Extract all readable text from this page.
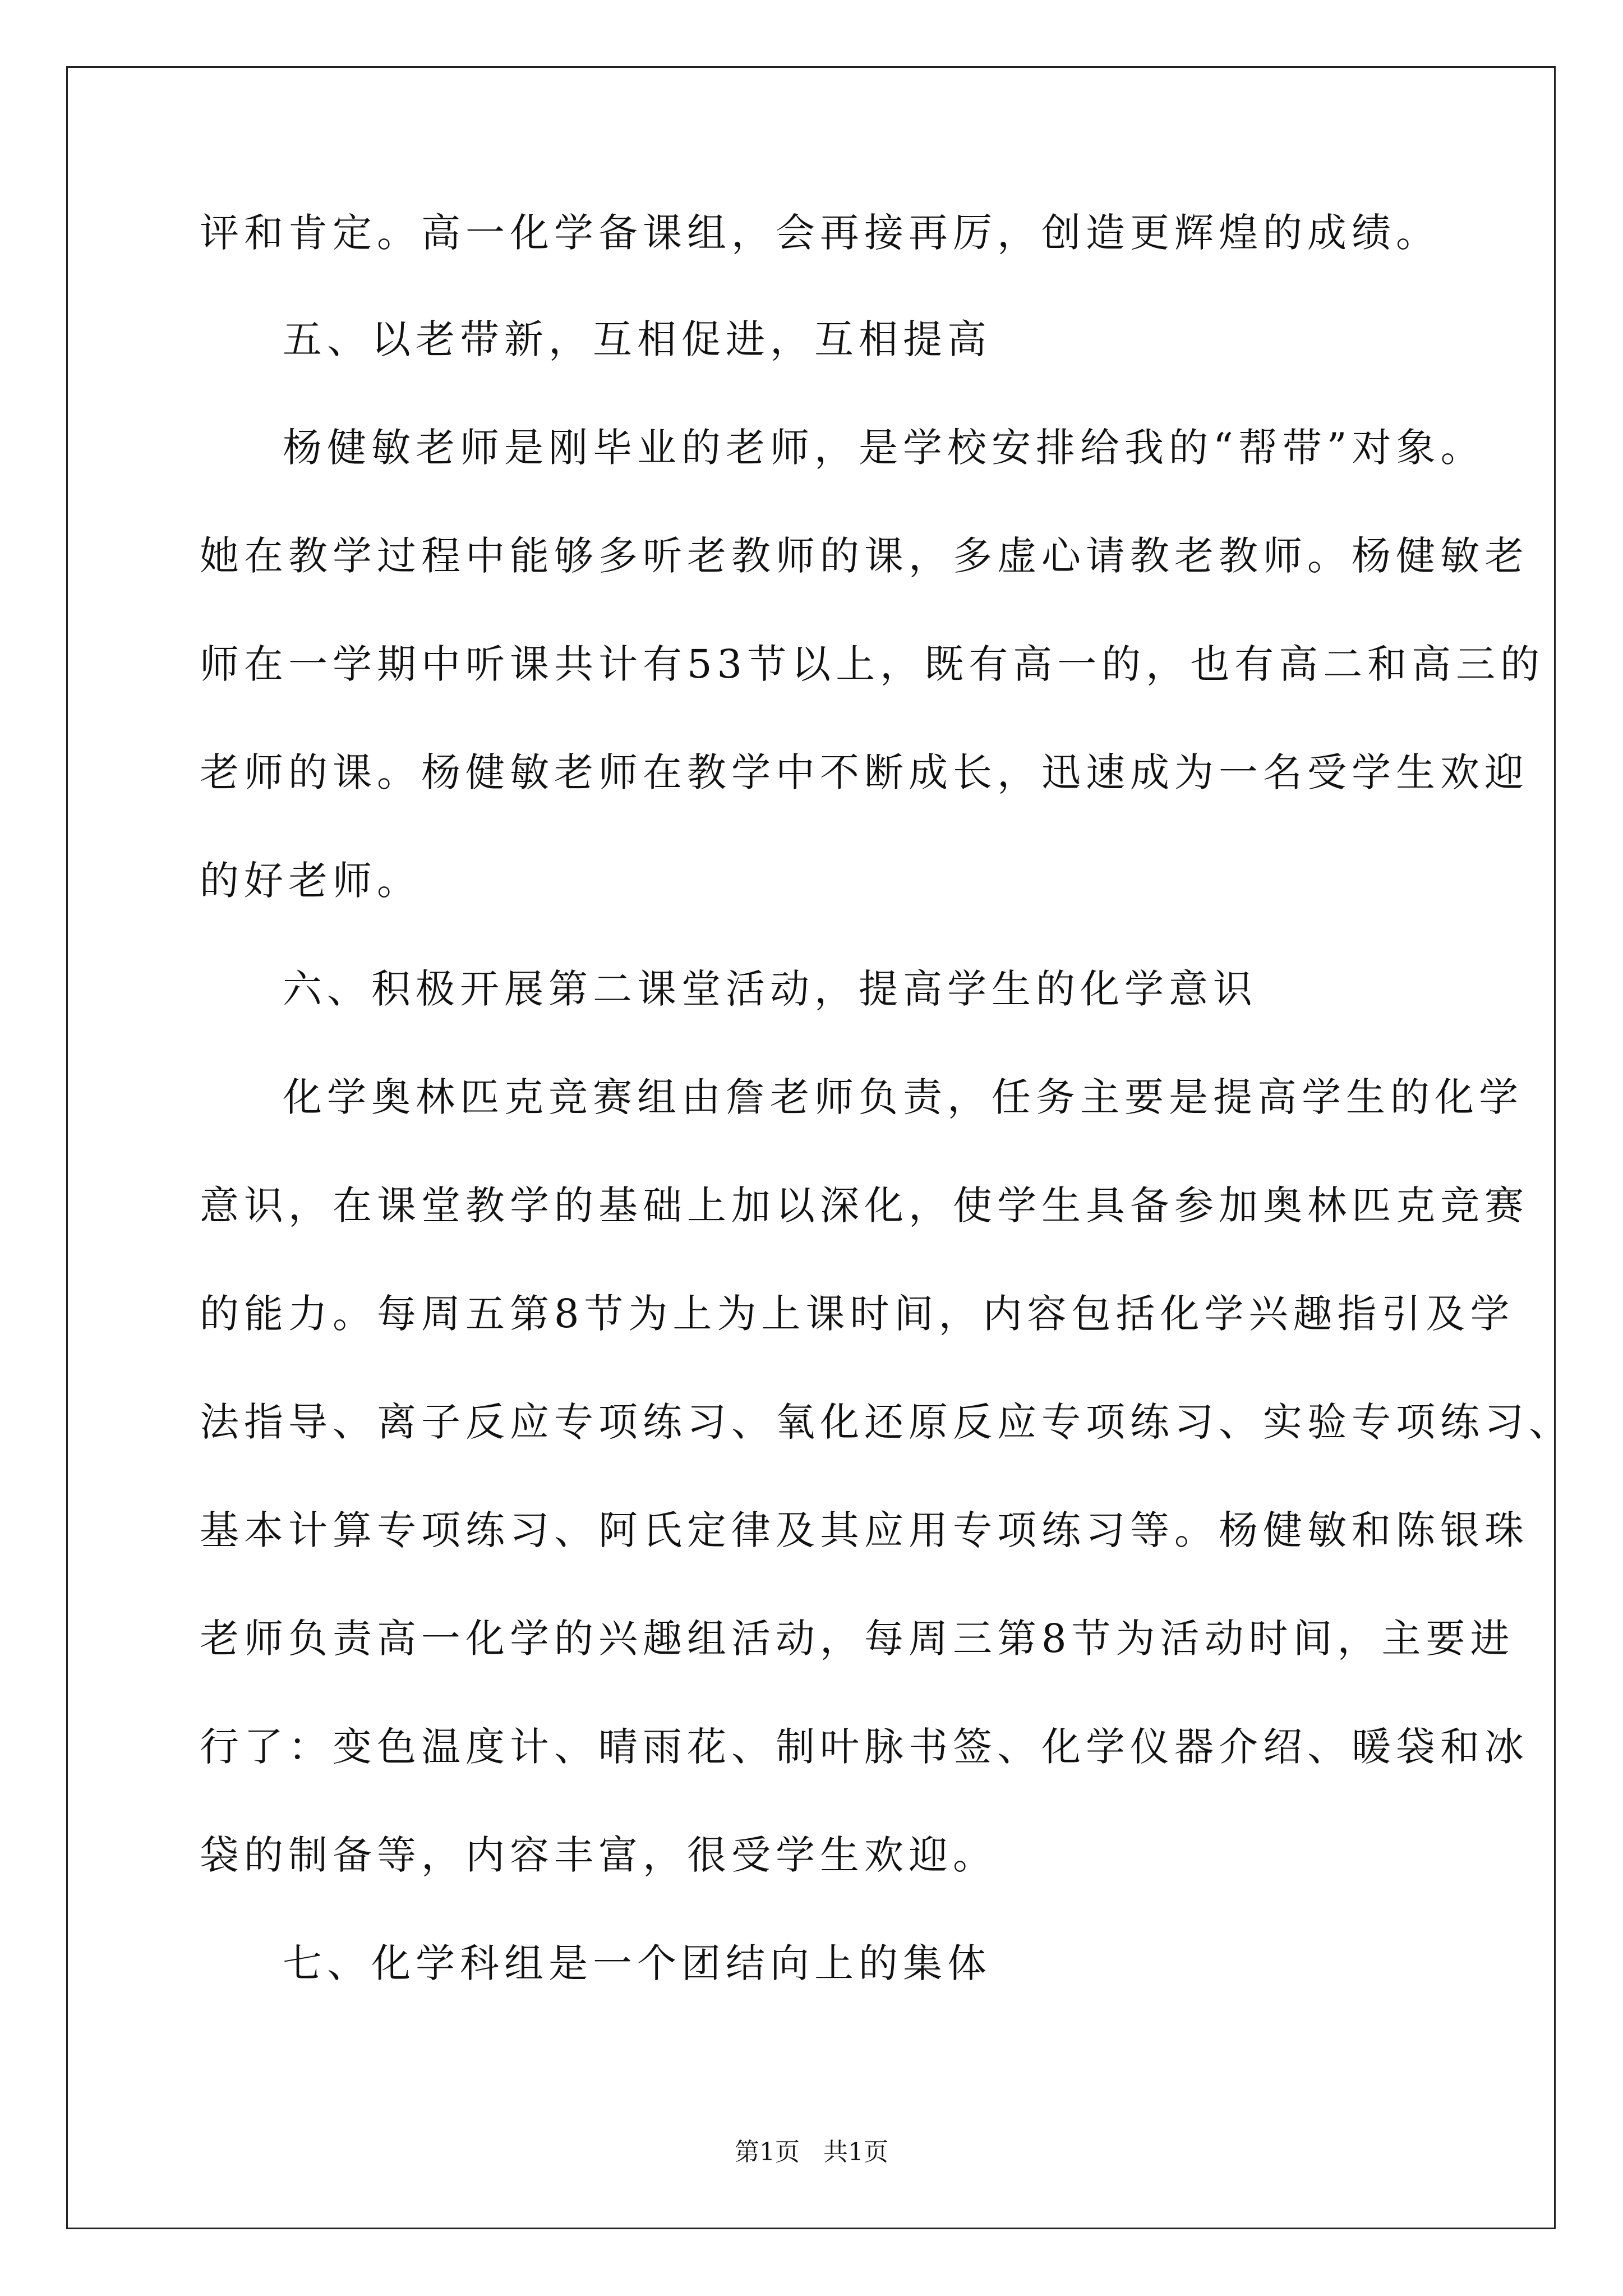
评和肯定。高一化学备课组，会再接再厉，创造更辉煌的成绩。
五、以老带新，互相促进，互相提高
杨健敏老师是刚毕业的老师，是学校安排给我的“帮带”对象。
她在教学过程中能够多听老教师的课，多虚心请教老教师。杨健敏老
师在一学期中听课共计有53节以上，既有高一的，也有高二和高三的
老师的课。杨健敏老师在教学中不断成长，迅速成为一名受学生欢迎
的好老师。
六、积极开展第二课堂活动，提高学生的化学意识
化学奥林匹克竞赛组由詹老师负责，任务主要是提高学生的化学
意识，在课堂教学的基础上加以深化，使学生具备参加奥林匹克竞赛
的能力。每周五第8节为上为上课时间，内容包括化学兴趣指引及学
法指导、离子反应专项练习、氧化还原反应专项练习、实验专项练习、
基本计算专项练习、阿氏定律及其应用专项练习等。杨健敏和陈银珠
老师负责高一化学的兴趣组活动，每周三第8节为活动时间，主要进
行了：变色温度计、晴雨花、制叶脉书签、化学仪器介绍、暖袋和冰
袋的制备等，内容丰富，很受学生欢迎。
七、化学科组是一个团结向上的集体
第1页 共1页
